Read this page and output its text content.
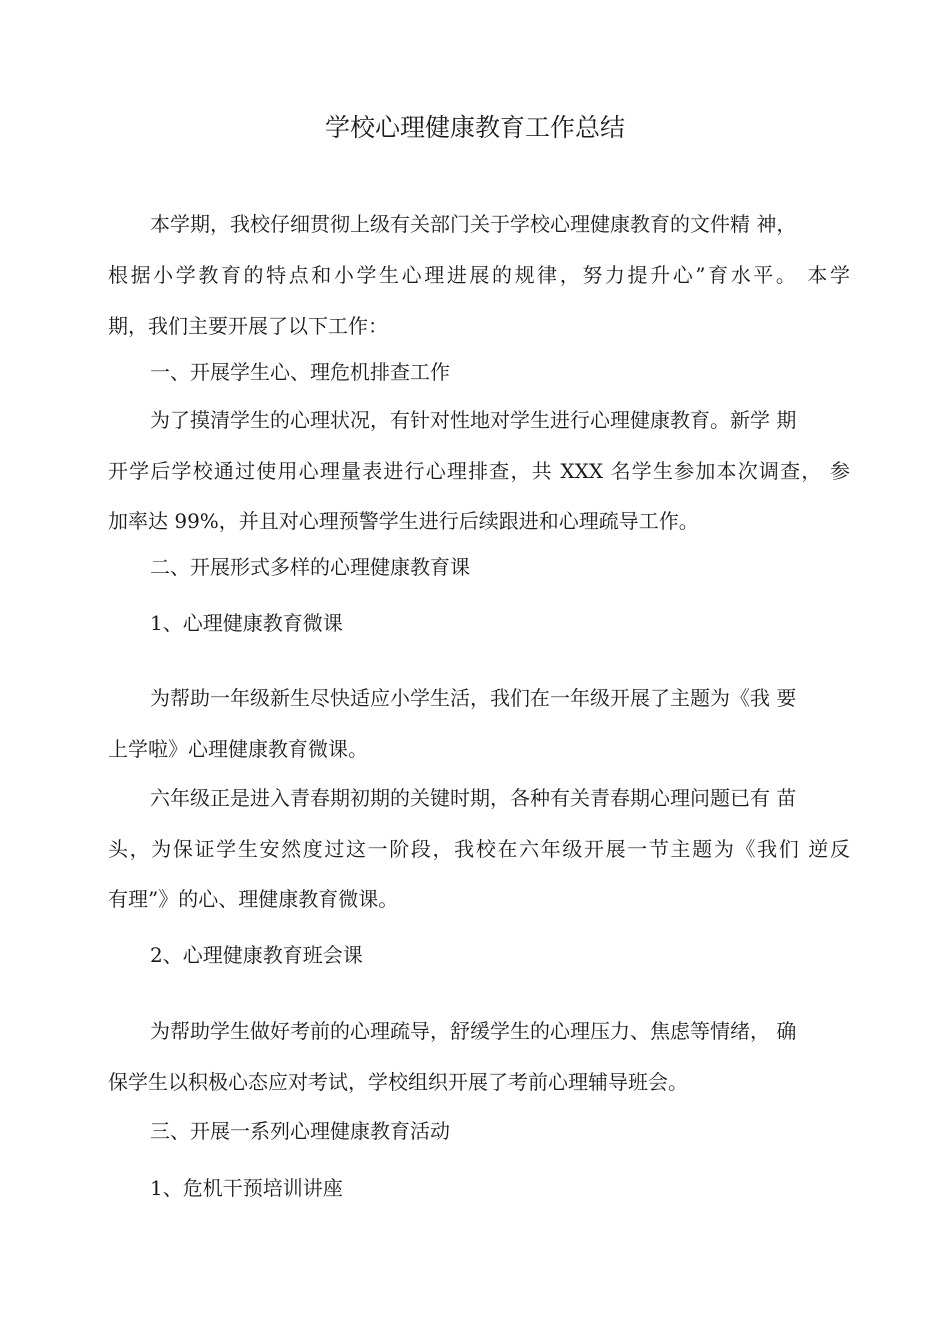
学校心理健康教育工作总结

本学期，我校仔细贯彻上级有关部门关于学校心理健康教育的文件精 神，

根据小学教育的特点和小学生心理进展的规律，努力提升心”育水平。 本学

期，我们主要开展了以下工作：

一、开展学生心、理危机排查工作

为了摸清学生的心理状况，有针对性地对学生进行心理健康教育。新学 期

开学后学校通过使用心理量表进行心理排查，共 XXX 名学生参加本次调查， 参

加率达 99%，并且对心理预警学生进行后续跟进和心理疏导工作。

二、开展形式多样的心理健康教育课

1、心理健康教育微课

为帮助一年级新生尽快适应小学生活，我们在一年级开展了主题为《我 要

上学啦》心理健康教育微课。

六年级正是进入青春期初期的关键时期，各种有关青春期心理问题已有 苗

头，为保证学生安然度过这一阶段，我校在六年级开展一节主题为《我们 逆反

有理”》的心、理健康教育微课。

2、心理健康教育班会课

为帮助学生做好考前的心理疏导，舒缓学生的心理压力、焦虑等情绪， 确

保学生以积极心态应对考试，学校组织开展了考前心理辅导班会。

三、开展一系列心理健康教育活动

1、危机干预培训讲座
